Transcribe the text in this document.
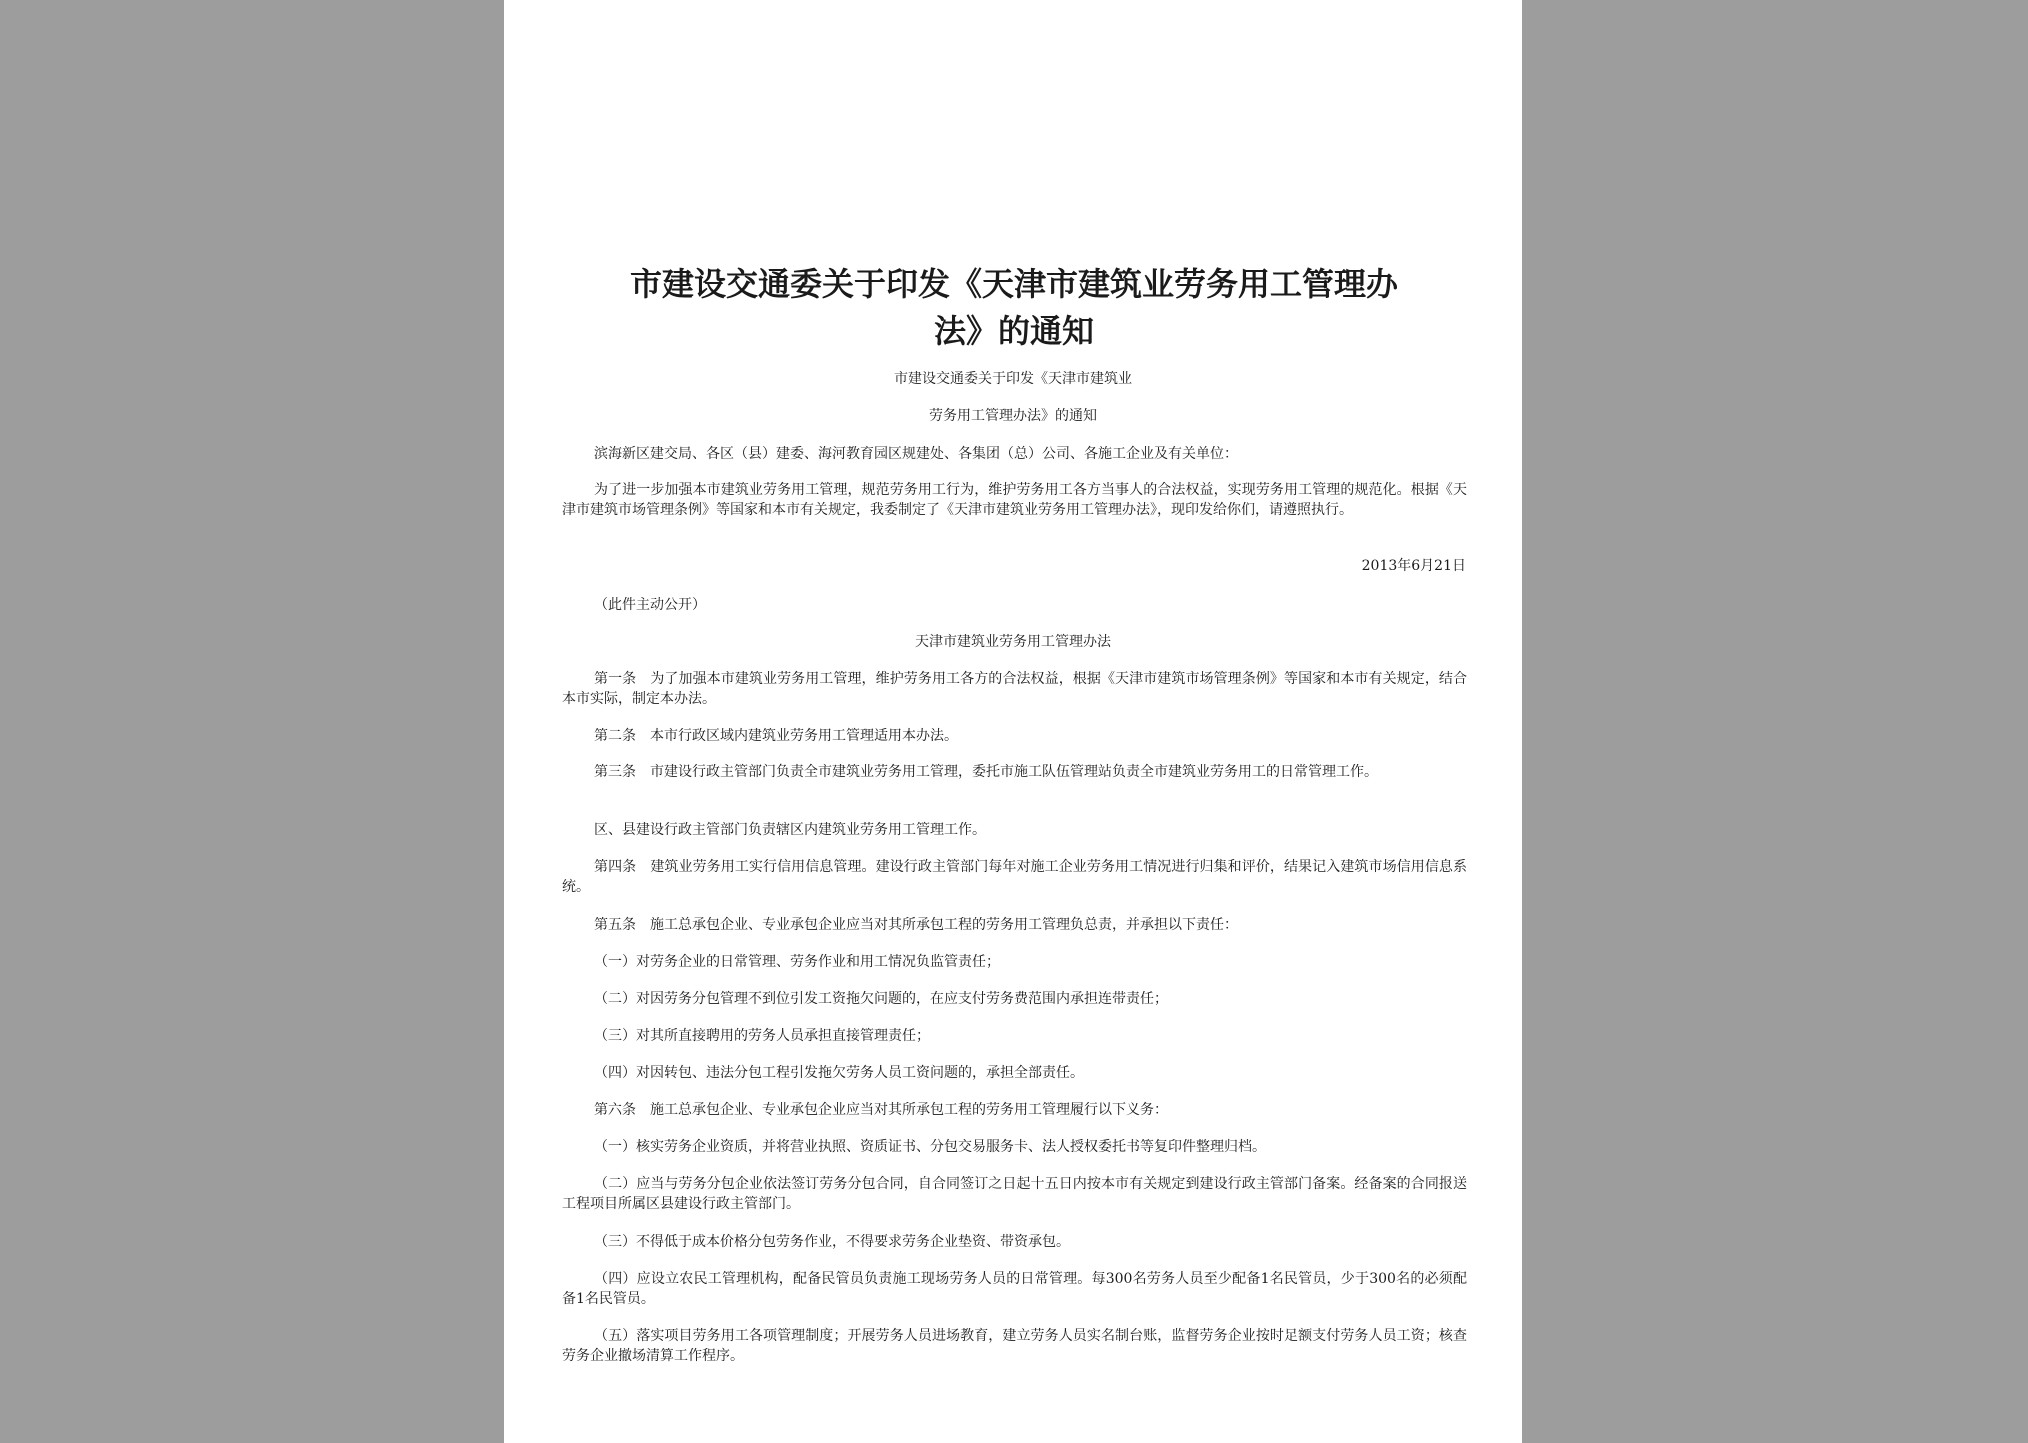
市建设交通委关于印发《天津市建筑业劳务用工管理办
法》的通知

市建设交通委关于印发《天津市建筑业

劳务用工管理办法》的通知

滨海新区建交局、各区（县）建委、海河教育园区规建处、各集团（总）公司、各施工企业及有关单位：

为了进一步加强本市建筑业劳务用工管理，规范劳务用工行为，维护劳务用工各方当事人的合法权益，实现劳务用工管理的规范化。根据《天津市建筑市场管理条例》等国家和本市有关规定，我委制定了《天津市建筑业劳务用工管理办法》，现印发给你们，请遵照执行。

2013年6月21日

（此件主动公开）

天津市建筑业劳务用工管理办法

第一条　为了加强本市建筑业劳务用工管理，维护劳务用工各方的合法权益，根据《天津市建筑市场管理条例》等国家和本市有关规定，结合本市实际，制定本办法。

第二条　本市行政区域内建筑业劳务用工管理适用本办法。

第三条　市建设行政主管部门负责全市建筑业劳务用工管理，委托市施工队伍管理站负责全市建筑业劳务用工的日常管理工作。

区、县建设行政主管部门负责辖区内建筑业劳务用工管理工作。

第四条　建筑业劳务用工实行信用信息管理。建设行政主管部门每年对施工企业劳务用工情况进行归集和评价，结果记入建筑市场信用信息系统。

第五条　施工总承包企业、专业承包企业应当对其所承包工程的劳务用工管理负总责，并承担以下责任：

（一）对劳务企业的日常管理、劳务作业和用工情况负监管责任；

（二）对因劳务分包管理不到位引发工资拖欠问题的，在应支付劳务费范围内承担连带责任；

（三）对其所直接聘用的劳务人员承担直接管理责任；

（四）对因转包、违法分包工程引发拖欠劳务人员工资问题的，承担全部责任。

第六条　施工总承包企业、专业承包企业应当对其所承包工程的劳务用工管理履行以下义务：

（一）核实劳务企业资质，并将营业执照、资质证书、分包交易服务卡、法人授权委托书等复印件整理归档。

（二）应当与劳务分包企业依法签订劳务分包合同，自合同签订之日起十五日内按本市有关规定到建设行政主管部门备案。经备案的合同报送工程项目所属区县建设行政主管部门。

（三）不得低于成本价格分包劳务作业，不得要求劳务企业垫资、带资承包。

（四）应设立农民工管理机构，配备民管员负责施工现场劳务人员的日常管理。每300名劳务人员至少配备1名民管员，少于300名的必须配备1名民管员。

（五）落实项目劳务用工各项管理制度；开展劳务人员进场教育，建立劳务人员实名制台账，监督劳务企业按时足额支付劳务人员工资；核查劳务企业撤场清算工作程序。
